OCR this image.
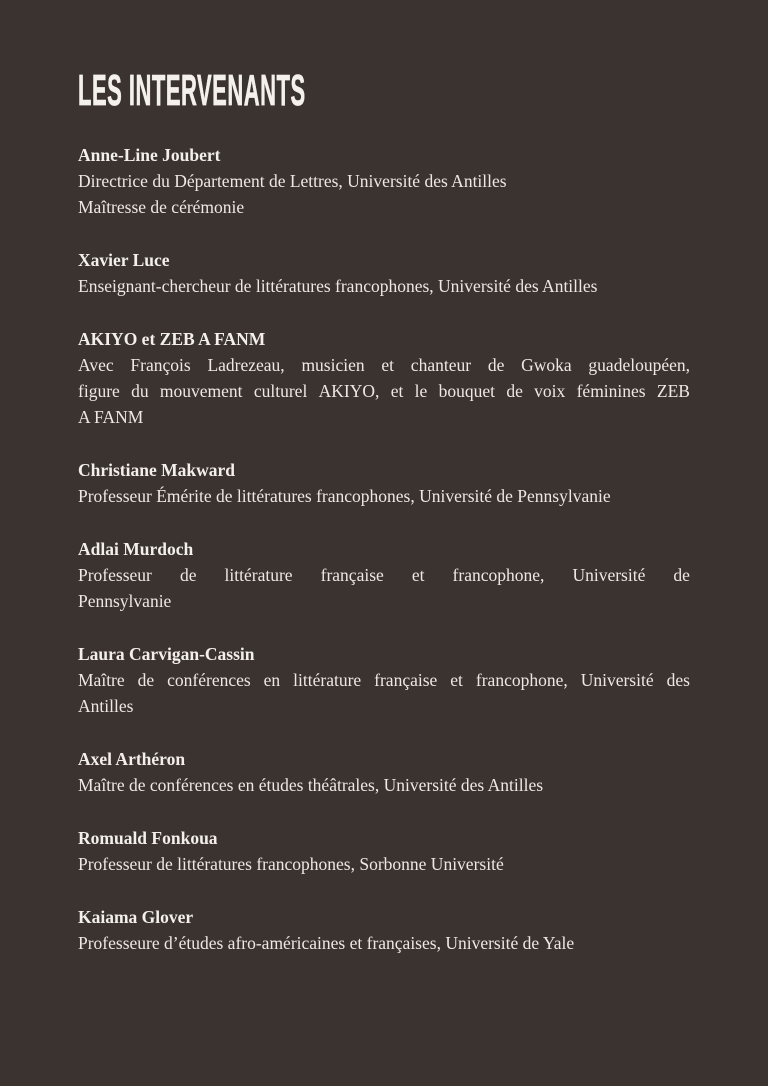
LES INTERVENANTS
Anne-Line Joubert
Directrice du Département de Lettres, Université des Antilles
Maîtresse de cérémonie
Xavier Luce
Enseignant-chercheur de littératures francophones, Université des Antilles
AKIYO et ZEB A FANM
Avec François Ladrezeau, musicien et chanteur de Gwoka guadeloupéen,
figure du mouvement culturel AKIYO, et le bouquet de voix féminines ZEB
A FANM
Christiane Makward
Professeur Émérite de littératures francophones, Université de Pennsylvanie
Adlai Murdoch
Professeur de littérature française et francophone, Université de
Pennsylvanie
Laura Carvigan-Cassin
Maître de conférences en littérature française et francophone, Université des
Antilles
Axel Arthéron
Maître de conférences en études théâtrales, Université des Antilles
Romuald Fonkoua
Professeur de littératures francophones, Sorbonne Université
Kaiama Glover
Professeure d’études afro-américaines et françaises, Université de Yale
